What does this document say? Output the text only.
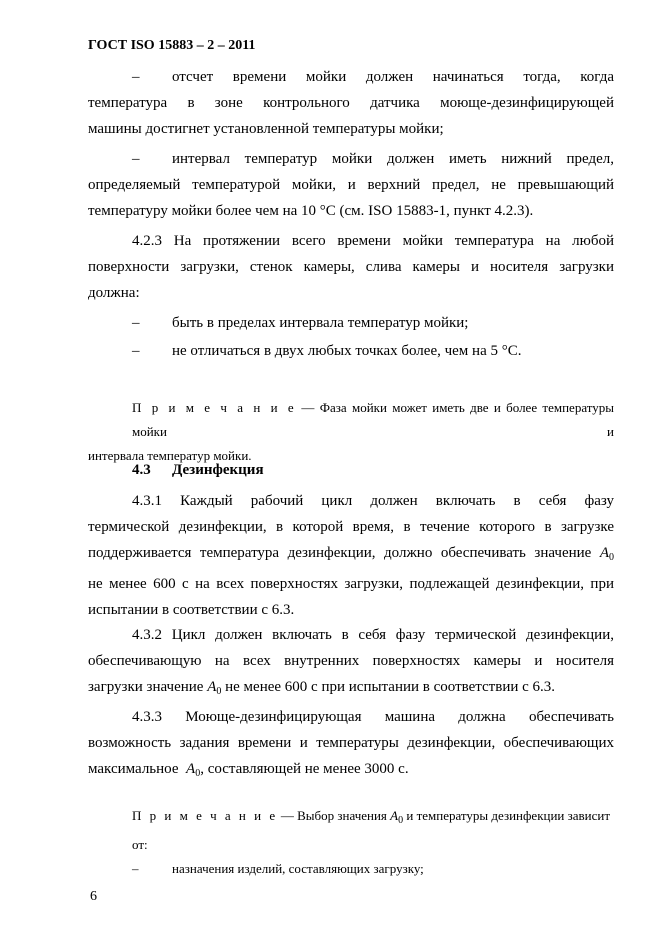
ГОСТ ISO 15883 – 2 – 2011
– отсчет времени мойки должен начинаться тогда, когда
температура в зоне контрольного датчика моюще-дезинфицирующей
машины достигнет установленной температуры мойки;
– интервал температур мойки должен иметь нижний предел,
определяемый температурой мойки, и верхний предел, не превышающий
температуру мойки более чем на 10 °С (см. ISO 15883-1, пункт 4.2.3).
4.2.3 На протяжении всего времени мойки температура на любой
поверхности загрузки, стенок камеры, слива камеры и носителя загрузки
должна:
– быть в пределах интервала температур мойки;
– не отличаться в двух любых точках более, чем на 5 °С.
П р и м е ч а н и е — Фаза мойки может иметь две и более температуры мойки и
интервала температур мойки.
4.3 Дезинфекция
4.3.1 Каждый рабочий цикл должен включать в себя фазу
термической дезинфекции, в которой время, в течение которого в загрузке
поддерживается температура дезинфекции, должно обеспечивать значение $A_0$
не менее 600 с на всех поверхностях загрузки, подлежащей дезинфекции, при
испытании в соответствии с 6.3.
4.3.2 Цикл должен включать в себя фазу термической дезинфекции,
обеспечивающую на всех внутренних поверхностях камеры и носителя
загрузки значение $A_0$ не менее 600 с при испытании в соответствии с 6.3.
4.3.3 Моюще-дезинфицирующая машина должна обеспечивать
возможность задания времени и температуры дезинфекции, обеспечивающих
максимальное $A_0$, составляющей не менее 3000 с.
П р и м е ч а н и е — Выбор значения $A_0$ и температуры дезинфекции зависит от:
–	назначения изделий, составляющих загрузку;
6
